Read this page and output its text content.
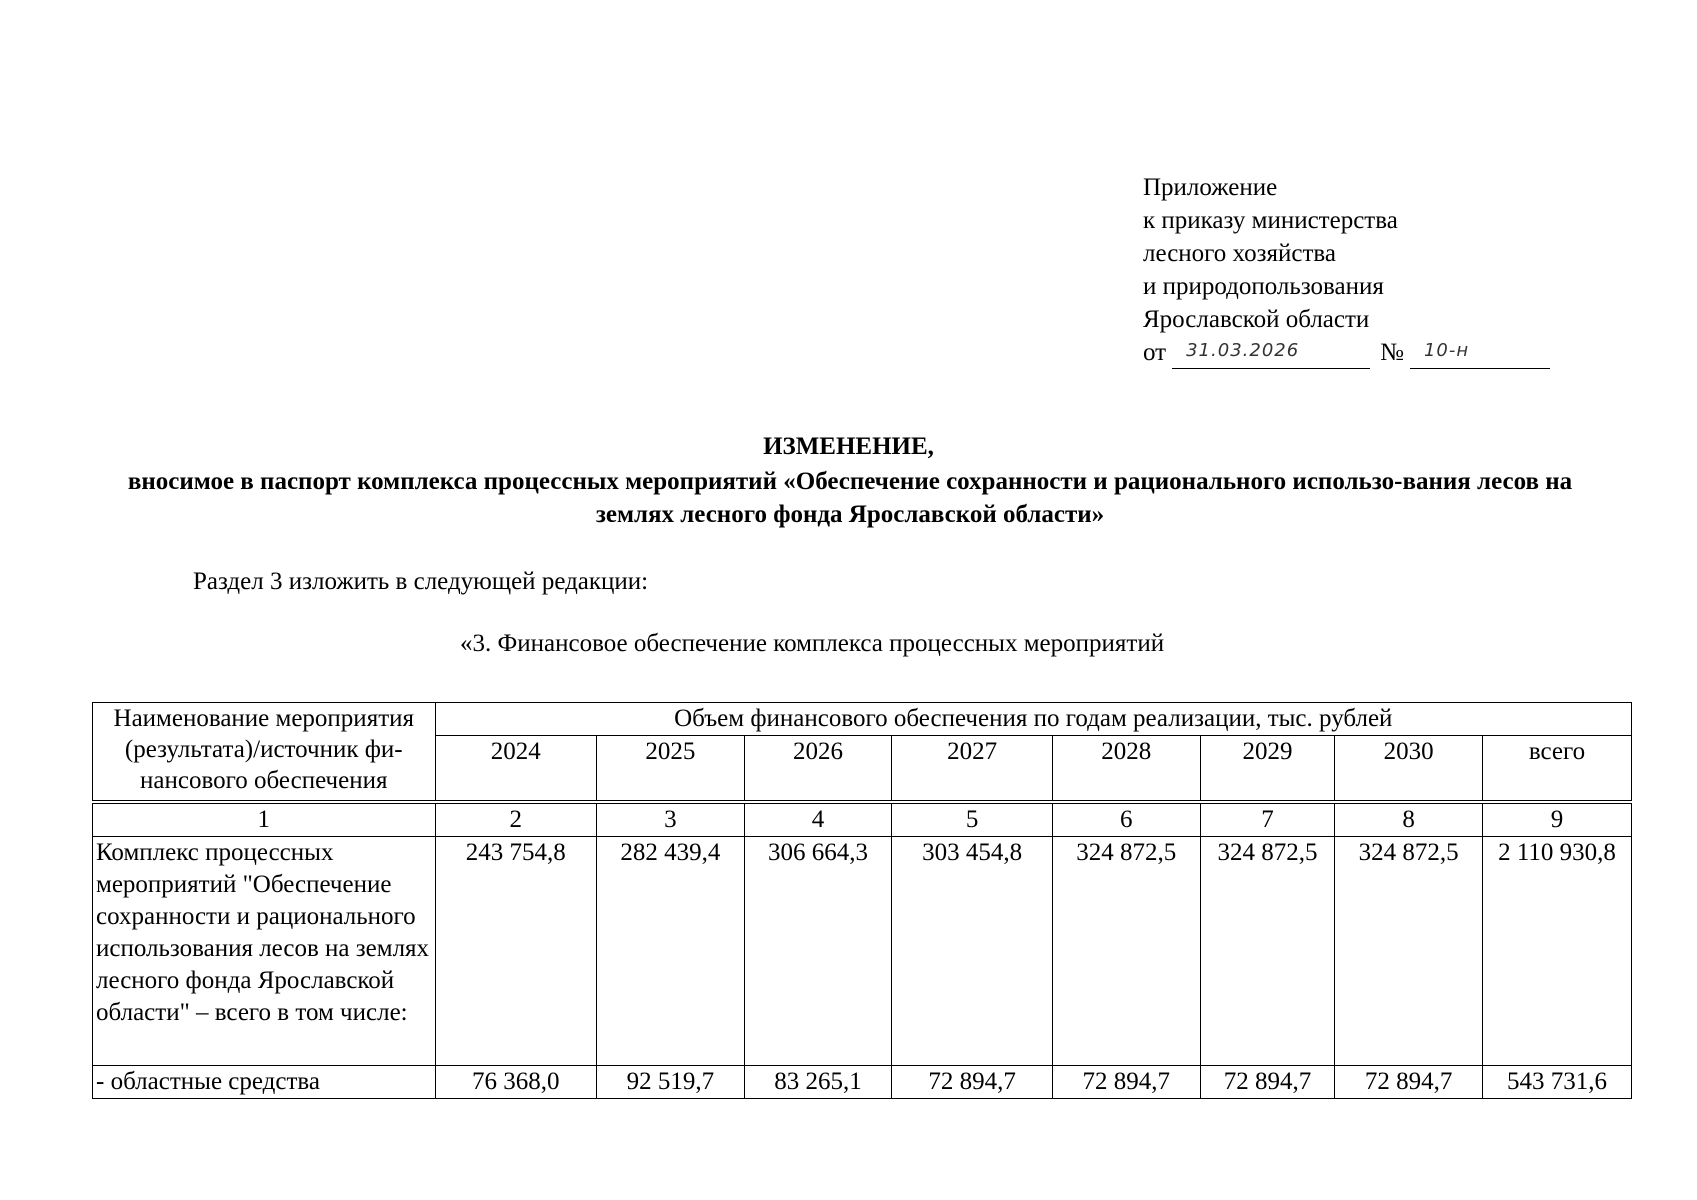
Приложение
к приказу министерства
лесного хозяйства
и природопользования
Ярославской области
от 31.03.2026	№ 10-н
ИЗМЕНЕНИЕ,
вносимое в паспорт комплекса процессных мероприятий «Обеспечение сохранности и рационального использо-вания лесов на землях лесного фонда Ярославской области»
Раздел 3 изложить в следующей редакции:
«3. Финансовое обеспечение комплекса процессных мероприятий
Наименование мероприятия (результата)/источник фи-нансового обеспечения	Объем финансового обеспечения по годам реализации, тыс. рублей							
	2024	2025	2026	2027	2028	2029	2030	всего
1	2	3	4	5	6	7	8	9
Комплекс процессных мероприятий "Обеспечение сохранности и рационального использования лесов на землях лесного фонда Ярославской области" – всего в том числе:	243 754,8	282 439,4	306 664,3	303 454,8	324 872,5	324 872,5	324 872,5	2 110 930,8
- областные средства	76 368,0	92 519,7	83 265,1	72 894,7	72 894,7	72 894,7	72 894,7	543 731,6
